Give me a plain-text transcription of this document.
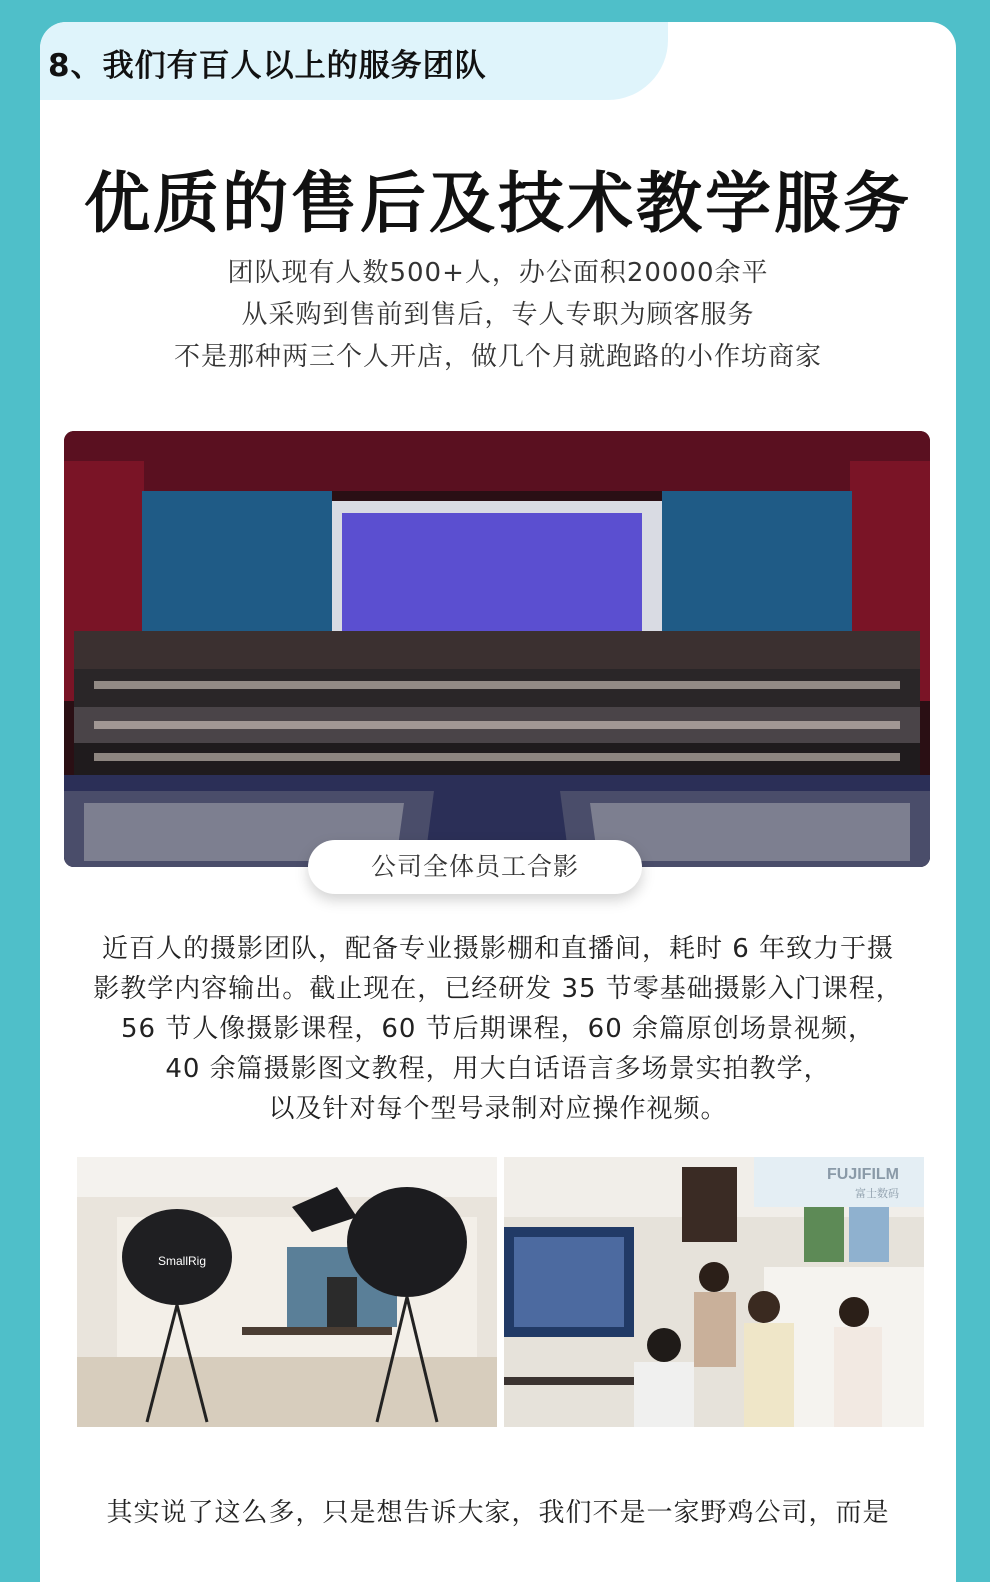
8、我们有百人以上的服务团队
优质的售后及技术教学服务
团队现有人数500+人，办公面积20000余平
从采购到售前到售后，专人专职为顾客服务
不是那种两三个人开店，做几个月就跑路的小作坊商家
公司全体员工合影
近百人的摄影团队，配备专业摄影棚和直播间，耗时 6 年致力于摄
影教学内容输出。截止现在，已经研发 35 节零基础摄影入门课程，
56 节人像摄影课程，60 节后期课程，60 余篇原创场景视频，
40 余篇摄影图文教程，用大白话语言多场景实拍教学，
以及针对每个型号录制对应操作视频。
SmallRig
FUJIFILM
富士数码
其实说了这么多，只是想告诉大家，我们不是一家野鸡公司，而是
